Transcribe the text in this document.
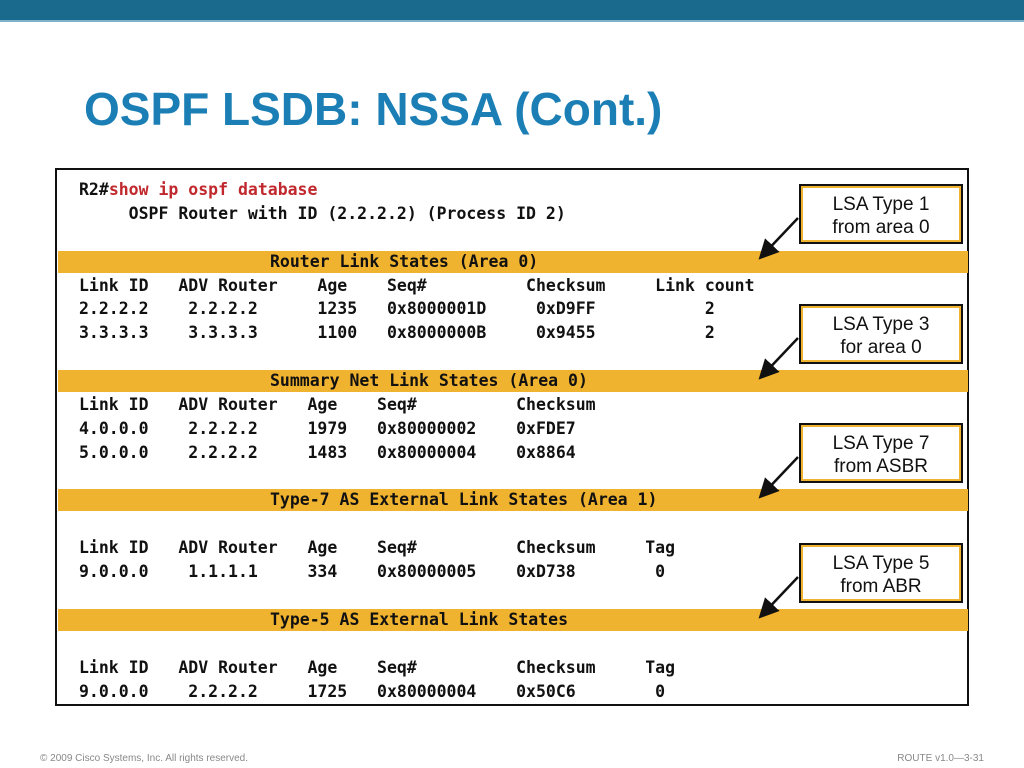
OSPF LSDB: NSSA (Cont.)
R2#show ip ospf database
OSPF Router with ID (2.2.2.2) (Process ID 2)
Router Link States (Area 0)
Link ID   ADV Router    Age    Seq#          Checksum     Link count
2.2.2.2    2.2.2.2      1235   0x8000001D     0xD9FF           2
3.3.3.3    3.3.3.3      1100   0x8000000B     0x9455           2
Summary Net Link States (Area 0)
Link ID   ADV Router   Age    Seq#          Checksum
4.0.0.0    2.2.2.2     1979   0x80000002    0xFDE7
5.0.0.0    2.2.2.2     1483   0x80000004    0x8864
Type-7 AS External Link States (Area 1)
Link ID   ADV Router   Age    Seq#          Checksum     Tag
9.0.0.0    1.1.1.1     334    0x80000005    0xD738        0
Type-5 AS External Link States
Link ID   ADV Router   Age    Seq#          Checksum     Tag
9.0.0.0    2.2.2.2     1725   0x80000004    0x50C6        0
LSA Type 1
from area 0
LSA Type 3
for area 0
LSA Type 7
from ASBR
LSA Type 5
from ABR
© 2009 Cisco Systems, Inc. All rights reserved.	ROUTE v1.0—3-31
